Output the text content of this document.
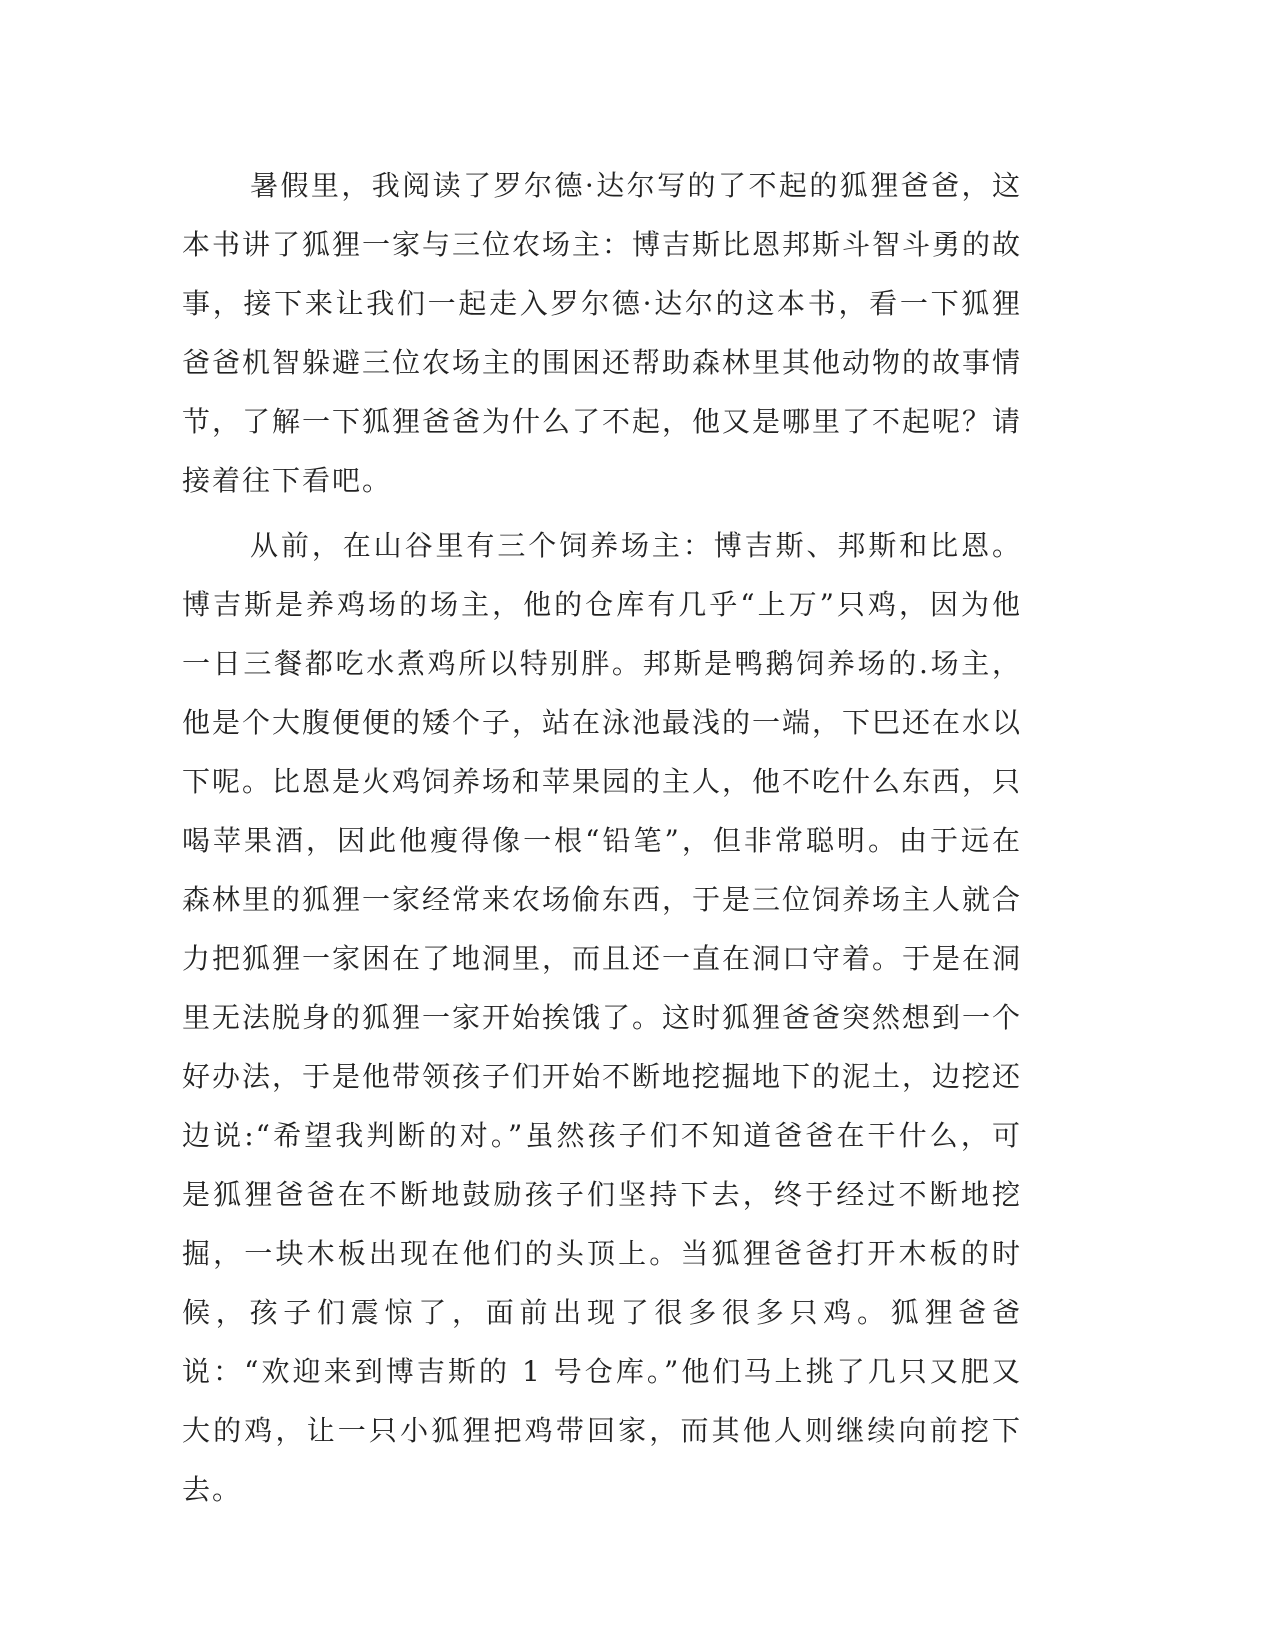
暑假里，我阅读了罗尔德·达尔写的了不起的狐狸爸爸，这本书讲了狐狸一家与三位农场主：博吉斯比恩邦斯斗智斗勇的故事，接下来让我们一起走入罗尔德·达尔的这本书，看一下狐狸爸爸机智躲避三位农场主的围困还帮助森林里其他动物的故事情节，了解一下狐狸爸爸为什么了不起，他又是哪里了不起呢？请接着往下看吧。

从前，在山谷里有三个饲养场主：博吉斯、邦斯和比恩。博吉斯是养鸡场的场主，他的仓库有几乎“上万”只鸡，因为他一日三餐都吃水煮鸡所以特别胖。邦斯是鸭鹅饲养场的.场主，他是个大腹便便的矮个子，站在泳池最浅的一端，下巴还在水以下呢。比恩是火鸡饲养场和苹果园的主人，他不吃什么东西，只喝苹果酒，因此他瘦得像一根“铅笔”，但非常聪明。由于远在森林里的狐狸一家经常来农场偷东西，于是三位饲养场主人就合力把狐狸一家困在了地洞里，而且还一直在洞口守着。于是在洞里无法脱身的狐狸一家开始挨饿了。这时狐狸爸爸突然想到一个好办法，于是他带领孩子们开始不断地挖掘地下的泥土，边挖还边说:“希望我判断的对。”虽然孩子们不知道爸爸在干什么，可是狐狸爸爸在不断地鼓励孩子们坚持下去，终于经过不断地挖掘，一块木板出现在他们的头顶上。当狐狸爸爸打开木板的时候，孩子们震惊了，面前出现了很多很多只鸡。狐狸爸爸说：“欢迎来到博吉斯的 1 号仓库。”他们马上挑了几只又肥又大的鸡，让一只小狐狸把鸡带回家，而其他人则继续向前挖下去。
